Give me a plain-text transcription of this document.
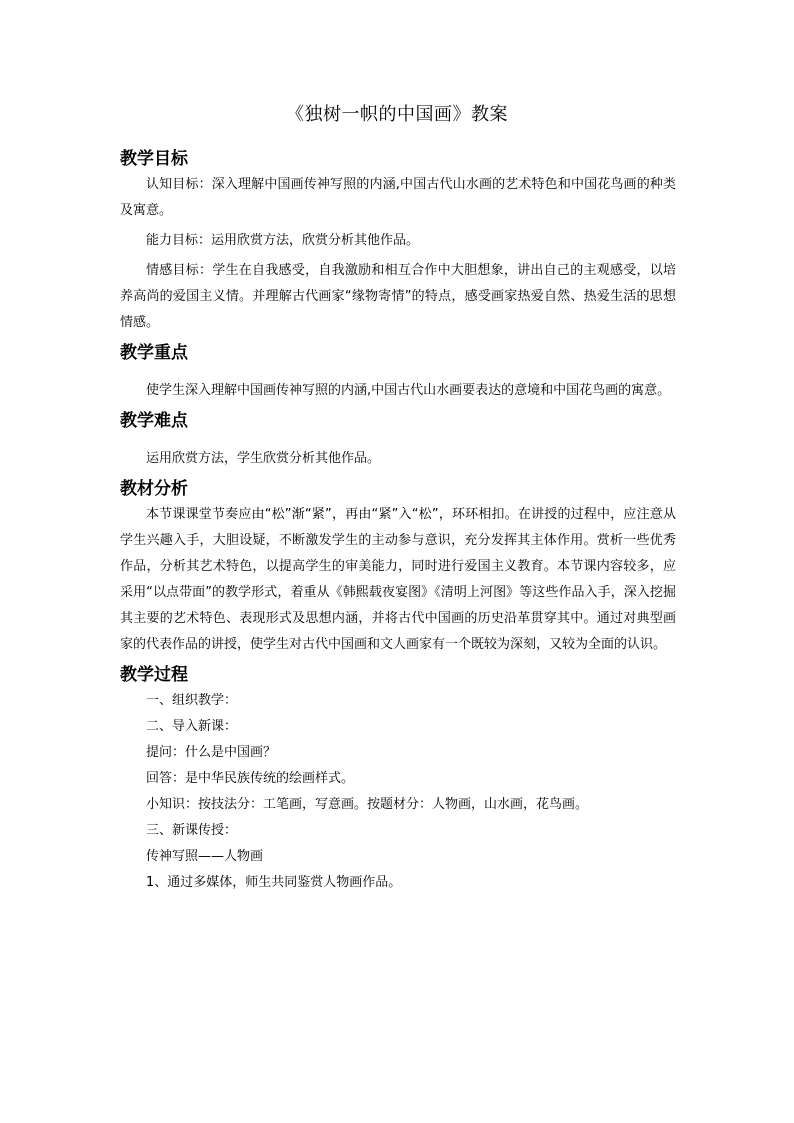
《独树一帜的中国画》教案
教学目标

认知目标：深入理解中国画传神写照的内涵,中国古代山水画的艺术特色和中国花鸟画的种类及寓意。

能力目标：运用欣赏方法，欣赏分析其他作品。

情感目标：学生在自我感受，自我激励和相互合作中大胆想象，讲出自己的主观感受，以培养高尚的爱国主义情。并理解古代画家“缘物寄情”的特点，感受画家热爱自然、热爱生活的思想情感。

教学重点

使学生深入理解中国画传神写照的内涵,中国古代山水画要表达的意境和中国花鸟画的寓意。

教学难点

运用欣赏方法，学生欣赏分析其他作品。

教材分析

本节课课堂节奏应由“松”渐“紧”，再由“紧”入“松”，环环相扣。在讲授的过程中，应注意从学生兴趣入手，大胆设疑，不断激发学生的主动参与意识，充分发挥其主体作用。赏析一些优秀作品，分析其艺术特色，以提高学生的审美能力，同时进行爱国主义教育。本节课内容较多，应采用“以点带面”的教学形式，着重从《韩熙载夜宴图》《清明上河图》等这些作品入手，深入挖掘其主要的艺术特色、表现形式及思想内涵，并将古代中国画的历史沿革贯穿其中。通过对典型画家的代表作品的讲授，使学生对古代中国画和文人画家有一个既较为深刻，又较为全面的认识。

教学过程

一、组织教学：

二、导入新课：

提问：什么是中国画？

回答：是中华民族传统的绘画样式。

小知识：按技法分：工笔画，写意画。按题材分：人物画，山水画，花鸟画。

三、新课传授：

传神写照——人物画

1、通过多媒体，师生共同鉴赏人物画作品。
